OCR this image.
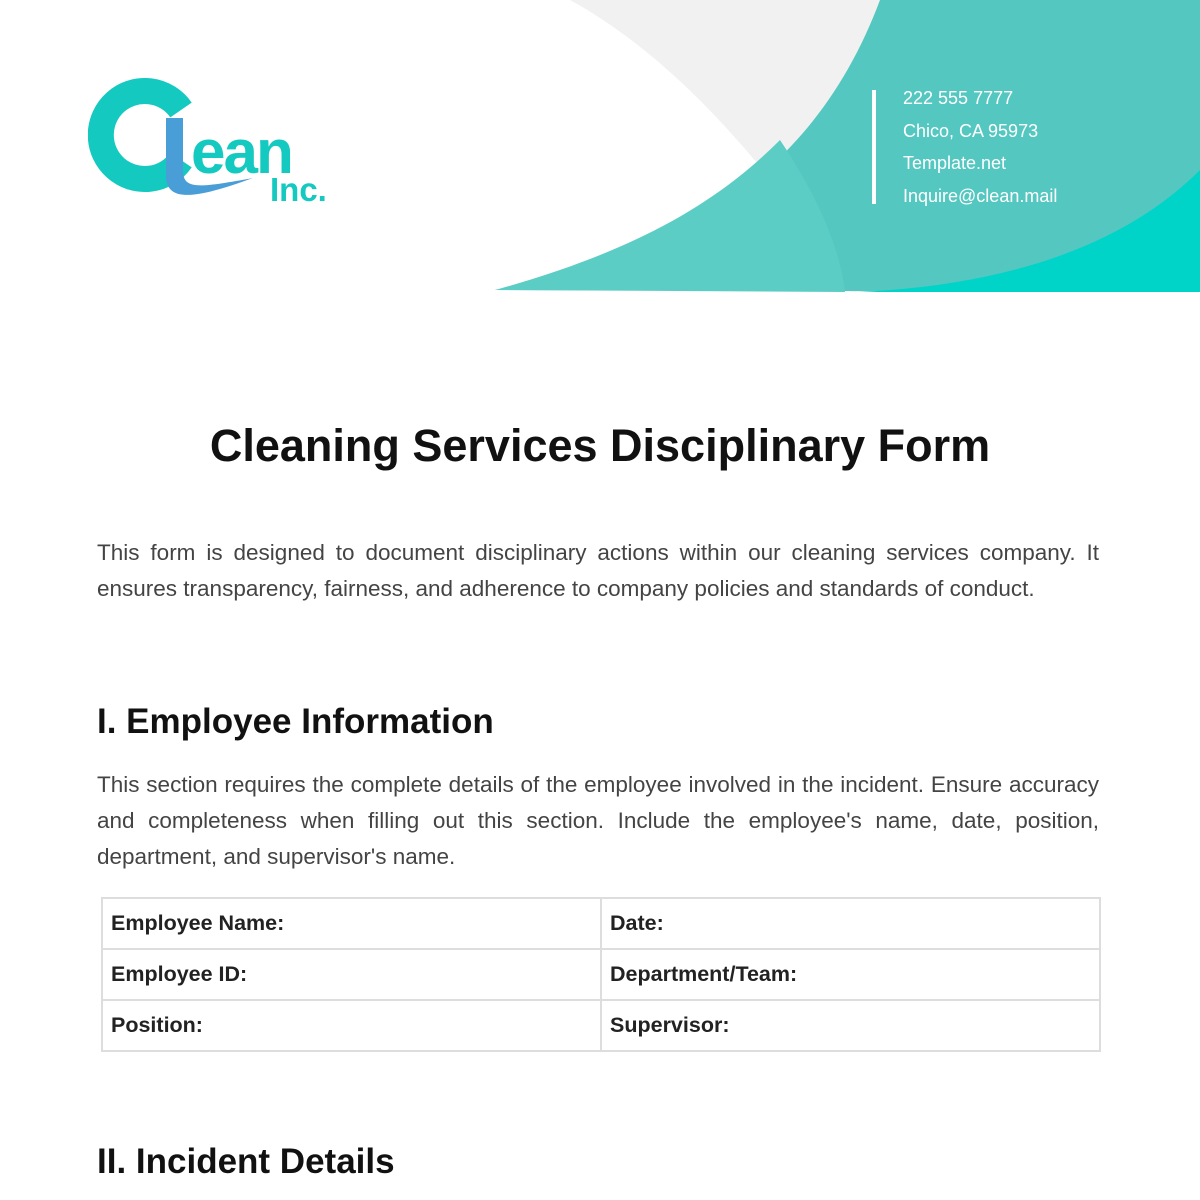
ean
Inc.
222 555 7777
Chico, CA 95973
Template.net
Inquire@clean.mail
Cleaning Services Disciplinary Form

This form is designed to document disciplinary actions within our cleaning services company. It ensures transparency, fairness, and adherence to company policies and standards of conduct.

I. Employee Information

This section requires the complete details of the employee involved in the incident. Ensure accuracy and completeness when filling out this section. Include the employee's name, date, position, department, and supervisor's name.

Employee Name:	Date:
Employee ID:	Department/Team:
Position:	Supervisor:
II. Incident Details
